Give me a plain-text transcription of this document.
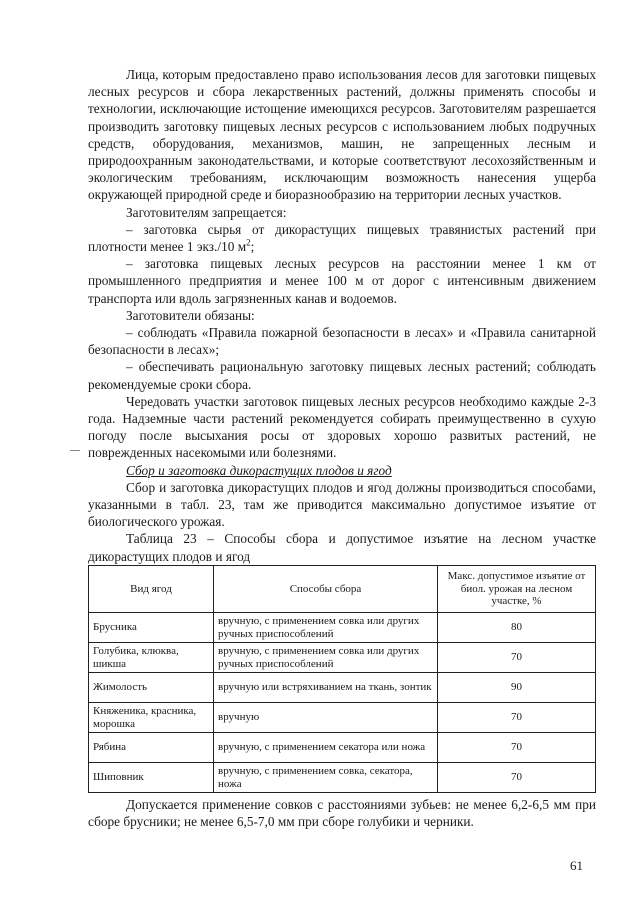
Лица, которым предоставлено право использования лесов для заготовки пищевых лесных ресурсов и сбора лекарственных растений, должны применять способы и технологии, исключающие истощение имеющихся ресурсов. Заготовителям разрешается производить заготовку пищевых лесных ресурсов с использованием любых подручных средств, оборудования, механизмов, машин, не запрещенных лесным и природоохранным законодательствами, и которые соответствуют лесохозяйственным и экологическим требованиям, исключающим возможность нанесения ущерба окружающей природной среде и биоразнообразию на территории лесных участков.

Заготовителям запрещается:

– заготовка сырья от дикорастущих пищевых травянистых растений при плотности менее 1 экз./10 $м^2$;

– заготовка пищевых лесных ресурсов на расстоянии менее 1 км от промышленного предприятия и менее 100 м от дорог с интенсивным движением транспорта или вдоль загрязненных канав и водоемов.

Заготовители обязаны:

– соблюдать «Правила пожарной безопасности в лесах» и «Правила санитарной безопасности в лесах»;

– обеспечивать рациональную заготовку пищевых лесных растений; соблюдать рекомендуемые сроки сбора.

Чередовать участки заготовок пищевых лесных ресурсов необходимо каждые 2-3 года. Надземные части растений рекомендуется собирать преимущественно в сухую погоду после высыхания росы от здоровых хорошо развитых растений, не поврежденных насекомыми или болезнями.

Сбор и заготовка дикорастущих плодов и ягод

Сбор и заготовка дикорастущих плодов и ягод должны производиться способами, указанными в табл. 23, там же приводится максимально допустимое изъятие от биологического урожая.

Таблица 23 – Способы сбора и допустимое изъятие на лесном участке дикорастущих плодов и ягод

Вид ягод	Способы сбора	Макс. допустимое изъятие от биол. урожая на лесном участке, %
Брусника	вручную, с применением совка или других ручных приспособлений	80
Голубика, клюква, шикша	вручную, с применением совка или других ручных приспособлений	70
Жимолость	вручную или встряхиванием на ткань, зонтик	90
Княженика, красника, морошка	вручную	70
Рябина	вручную, с применением секатора или ножа	70
Шиповник	вручную, с применением совка, секатора, ножа	70

Допускается применение совков с расстояниями зубьев: не менее 6,2-6,5 мм при сборе брусники; не менее 6,5-7,0 мм при сборе голубики и черники.

61
